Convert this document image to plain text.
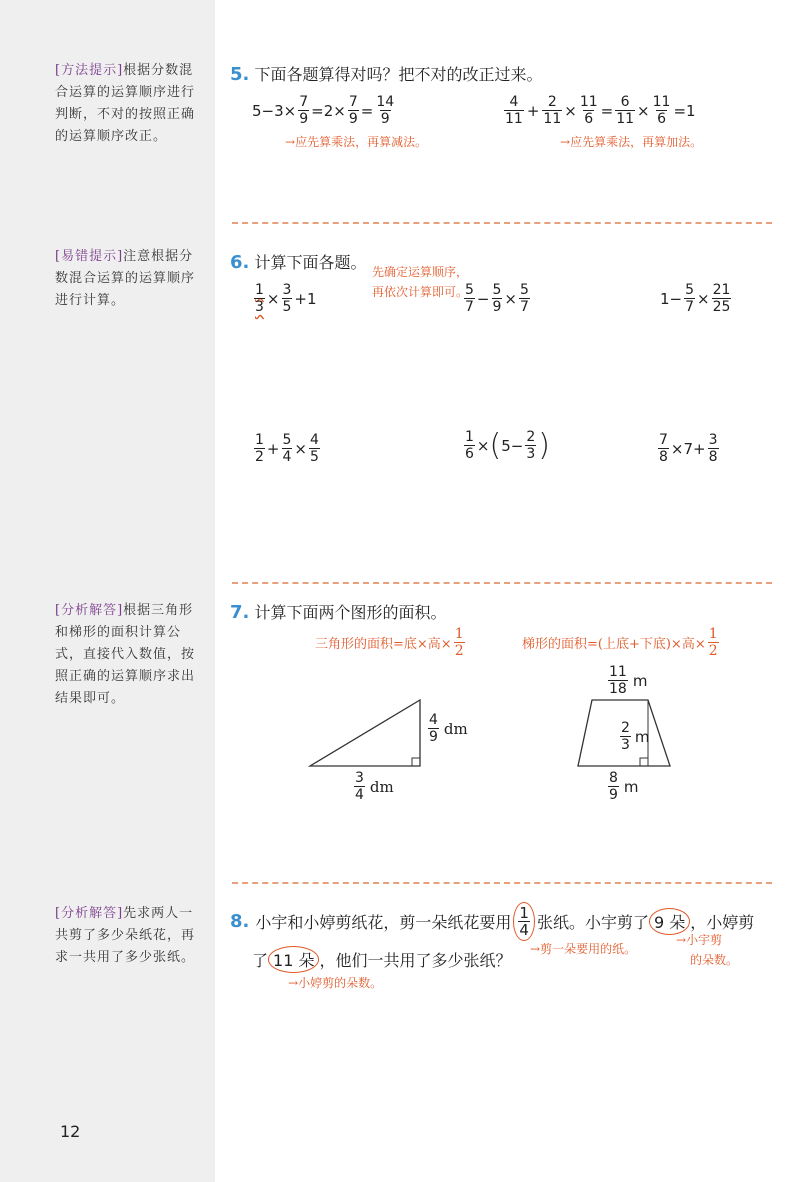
[方法提示]根据分数混合运算的运算顺序进行判断，不对的按照正确的运算顺序改正。
[易错提示]注意根据分数混合运算的运算顺序进行计算。
[分析解答]根据三角形和梯形的面积计算公式，直接代入数值，按照正确的运算顺序求出结果即可。
[分析解答]先求两人一共剪了多少朵纸花，再求一共用了多少张纸。
12
5. 下面各题算得对吗？把不对的改正过来。
$5-3\times \frac{7}{9} =2\times \frac{7}{9} = \frac{14}{9}$
→应先算乘法，再算减法。
$\frac{4}{11} + \frac{2}{11} \times \frac{11}{6} = \frac{6}{11} \times \frac{11}{6} =1$
→应先算乘法，再算加法。
6. 计算下面各题。 先确定运算顺序，
再依次计算即可。
$\frac{1}{3} \times \frac{3}{5} +1$	$\frac{5}{7} - \frac{5}{9} \times \frac{5}{7}$	$1- \frac{5}{7} \times \frac{21}{25}$
$\frac{1}{2} + \frac{5}{4} \times \frac{4}{5}$	$\frac{1}{6}$ × ( $5- \frac{2}{3}$ )	$\frac{7}{8} \times 7+ \frac{3}{8}$
7. 计算下面两个图形的面积。
三角形的面积=底×高× $\frac{1}{2}$	梯形的面积=(上底+下底)×高× $\frac{1}{2}$
$\frac{4}{9}$ dm
$\frac{3}{4}$ dm
$\frac{11}{18}$ m
$\frac{2}{3}$ m
$\frac{8}{9}$ m
8. 小宇和小婷剪纸花，剪一朵纸花要用 $\frac{1}{4}$ 张纸。小宇剪了 9 朵 ，小婷剪
了 11 朵 ，他们一共用了多少张纸？
→剪一朵要用的纸。
→小宇剪
的朵数。
→小婷剪的朵数。
